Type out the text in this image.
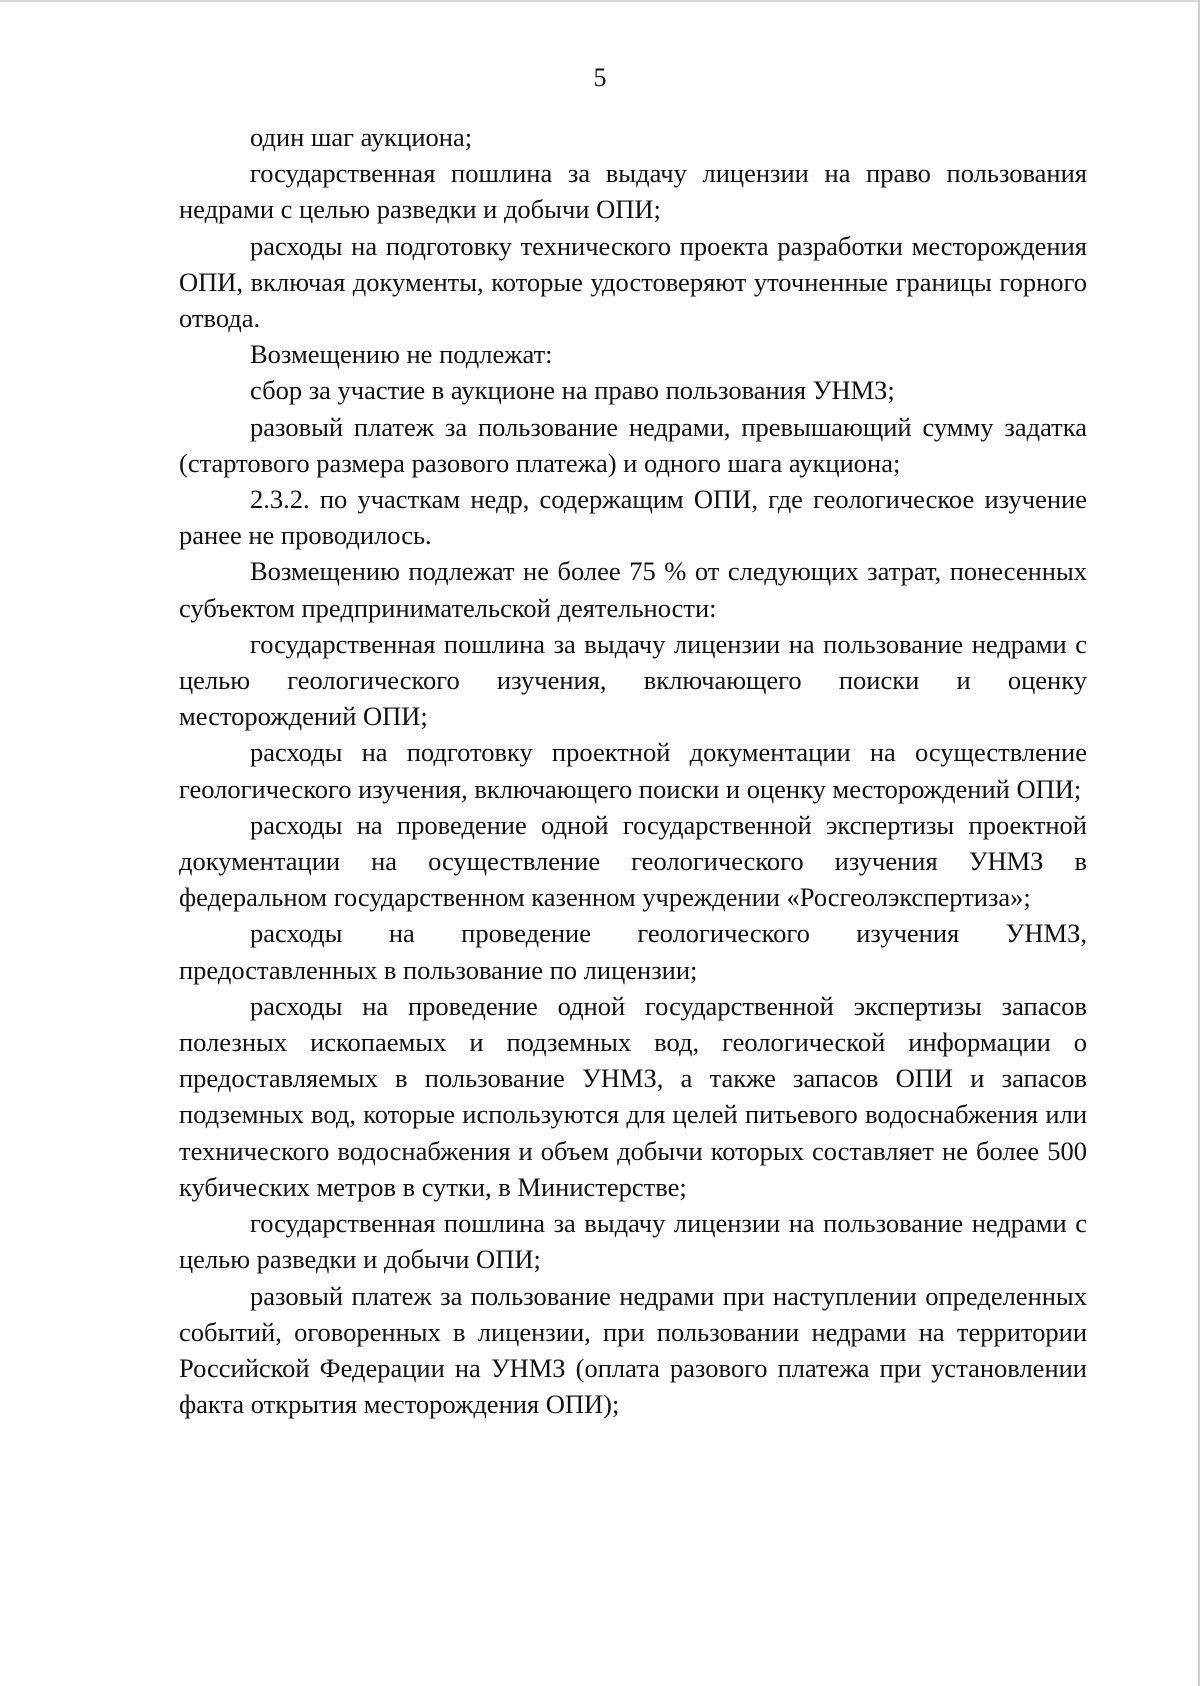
5

один шаг аукциона;

государственная пошлина за выдачу лицензии на право пользования недрами с целью разведки и добычи ОПИ;

расходы на подготовку технического проекта разработки месторождения ОПИ, включая документы, которые удостоверяют уточненные границы горного отвода.

Возмещению не подлежат:

сбор за участие в аукционе на право пользования УНМЗ;

разовый платеж за пользование недрами, превышающий сумму задатка (стартового размера разового платежа) и одного шага аукциона;

2.3.2. по участкам недр, содержащим ОПИ, где геологическое изучение ранее не проводилось.

Возмещению подлежат не более 75 % от следующих затрат, понесенных субъектом предпринимательской деятельности:

государственная пошлина за выдачу лицензии на пользование недрами с целью геологического изучения, включающего поиски и оценку месторождений ОПИ;

расходы на подготовку проектной документации на осуществление геологического изучения, включающего поиски и оценку месторождений ОПИ;

расходы на проведение одной государственной экспертизы проектной документации на осуществление геологического изучения УНМЗ в федеральном государственном казенном учреждении «Росгеолэкспертиза»;

расходы на проведение геологического изучения УНМЗ, предоставленных в пользование по лицензии;

расходы на проведение одной государственной экспертизы запасов полезных ископаемых и подземных вод, геологической информации о предоставляемых в пользование УНМЗ, а также запасов ОПИ и запасов подземных вод, которые используются для целей питьевого водоснабжения или технического водоснабжения и объем добычи которых составляет не более 500 кубических метров в сутки, в Министерстве;

государственная пошлина за выдачу лицензии на пользование недрами с целью разведки и добычи ОПИ;

разовый платеж за пользование недрами при наступлении определенных событий, оговоренных в лицензии, при пользовании недрами на территории Российской Федерации на УНМЗ (оплата разового платежа при установлении факта открытия месторождения ОПИ);
